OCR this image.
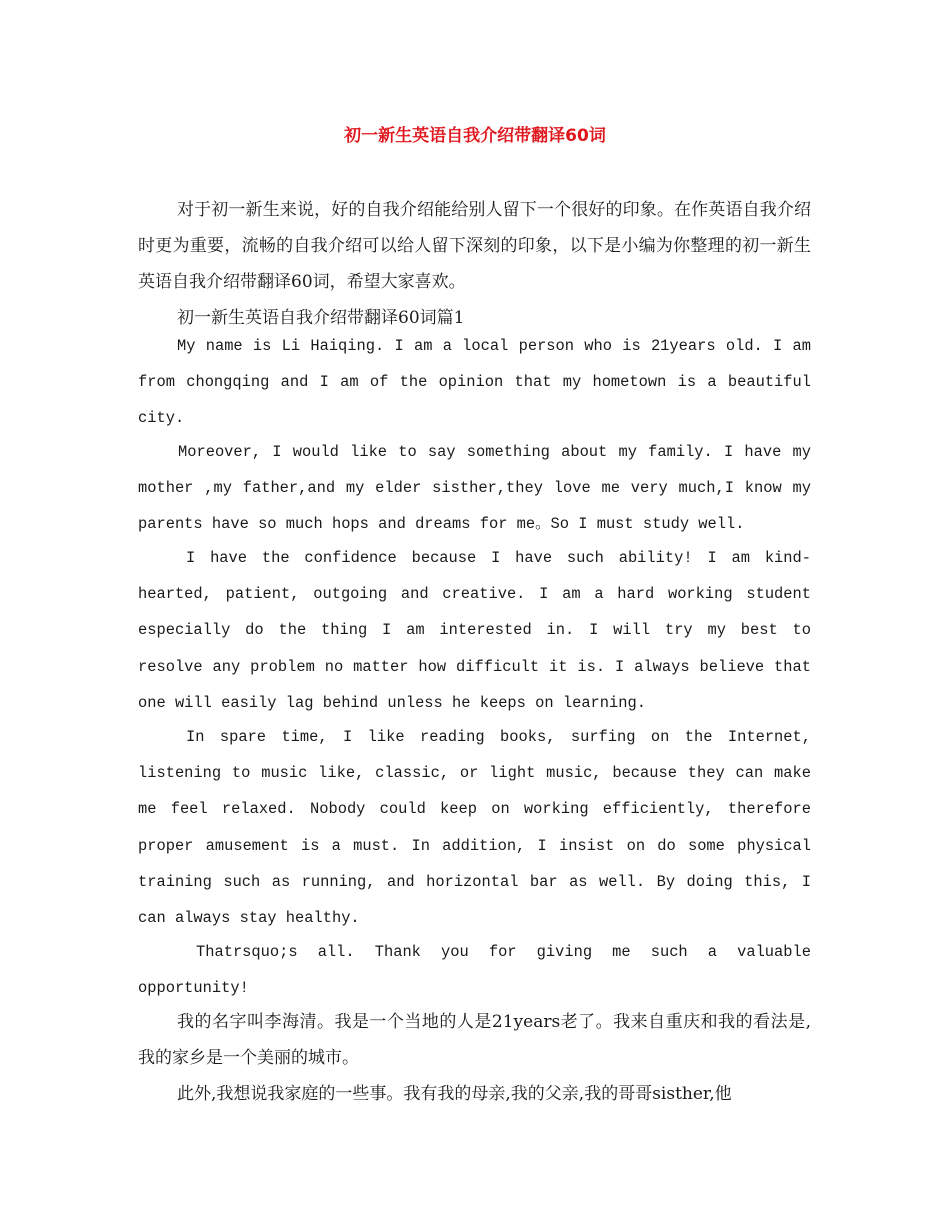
初一新生英语自我介绍带翻译60词

对于初一新生来说，好的自我介绍能给别人留下一个很好的印象。在作英语自我介绍时更为重要，流畅的自我介绍可以给人留下深刻的印象，以下是小编为你整理的初一新生英语自我介绍带翻译60词，希望大家喜欢。

初一新生英语自我介绍带翻译60词篇1

My name is Li Haiqing. I am a local person who is 21years old. I am from chongqing and I am of the opinion that my hometown is a beautiful city.

Moreover, I would like to say something about my family. I have my mother ,my father,and my elder sisther,they love me very much,I know my parents have so much hops and dreams for me。So I must study well.

I have the confidence because I have such ability! I am kind-hearted, patient, outgoing and creative. I am a hard working student especially do the thing I am interested in. I will try my best to resolve any problem no matter how difficult it is. I always believe that one will easily lag behind unless he keeps on learning.

In spare time, I like reading books, surfing on the Internet, listening to music like, classic, or light music, because they can make me feel relaxed. Nobody could keep on working efficiently, therefore proper amusement is a must. In addition, I insist on do some physical training such as running, and horizontal bar as well. By doing this, I can always stay healthy.

Thatrsquo;s all. Thank you for giving me such a valuable opportunity!

我的名字叫李海清。我是一个当地的人是21years老了。我来自重庆和我的看法是,我的家乡是一个美丽的城市。

此外,我想说我家庭的一些事。我有我的母亲,我的父亲,我的哥哥sisther,他
